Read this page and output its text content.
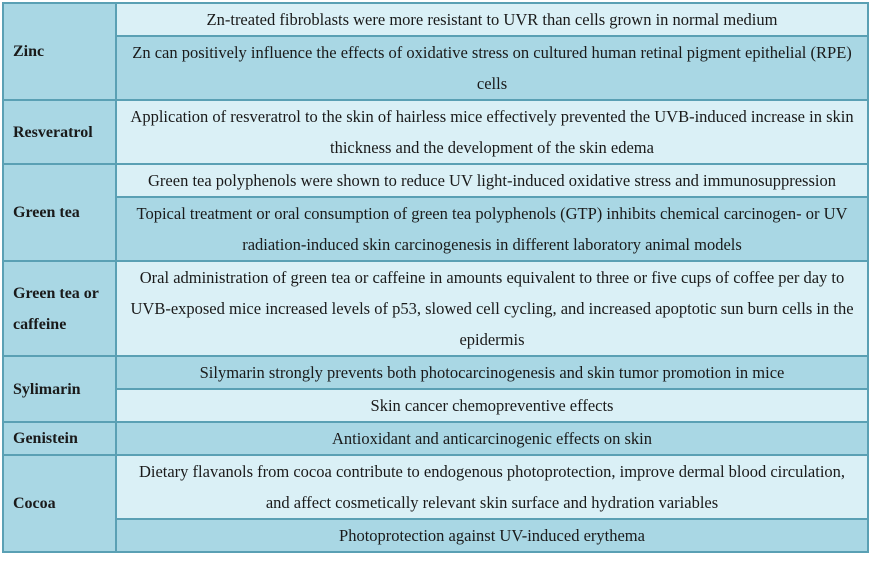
Zinc	Zn-treated fibroblasts were more resistant to UVR than cells grown in normal medium
	Zn can positively influence the effects of oxidative stress on cultured human retinal pigment epithelial (RPE) cells
Resveratrol	Application of resveratrol to the skin of hairless mice effectively prevented the UVB-induced increase in skin thickness and the development of the skin edema
Green tea	Green tea polyphenols were shown to reduce UV light-induced oxidative stress and immunosuppression
	Topical treatment or oral consumption of green tea polyphenols (GTP) inhibits chemical carcinogen- or UV radiation-induced skin carcinogenesis in different laboratory animal models
Green tea or caffeine	Oral administration of green tea or caffeine in amounts equivalent to three or five cups of coffee per day to UVB-exposed mice increased levels of p53, slowed cell cycling, and increased apoptotic sun burn cells in the epidermis
Sylimarin	Silymarin strongly prevents both photocarcinogenesis and skin tumor promotion in mice
	Skin cancer chemopreventive effects
Genistein	Antioxidant and anticarcinogenic effects on skin
Cocoa	Dietary flavanols from cocoa contribute to endogenous photoprotection, improve dermal blood circulation, and affect cosmetically relevant skin surface and hydration variables
	Photoprotection against UV-induced erythema
